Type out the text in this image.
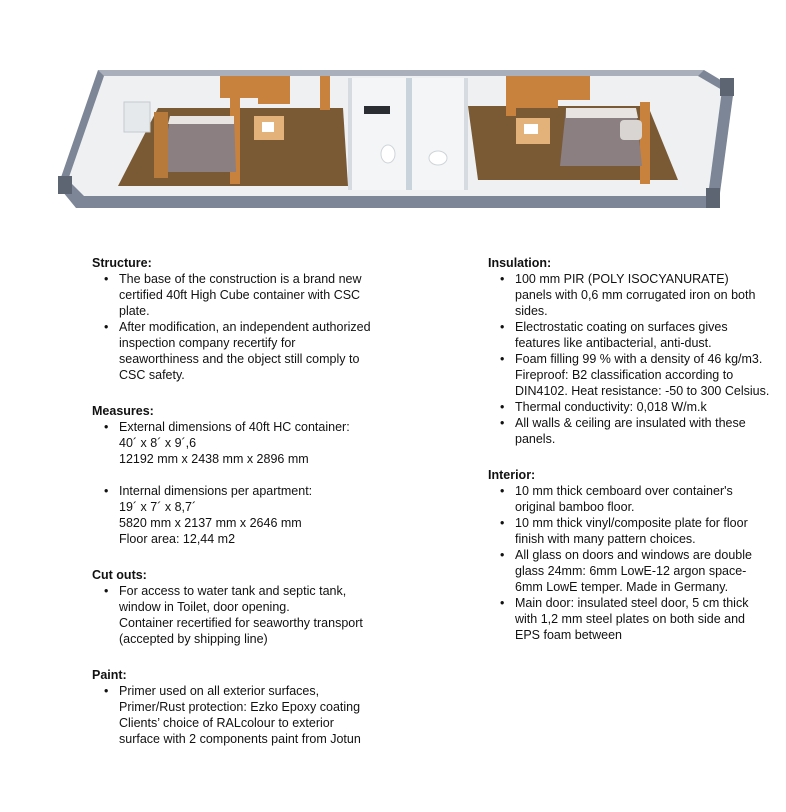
Structure:
• The base of the construction is a brand new
certified 40ft High Cube container with CSC
plate.
• After modification, an independent authorized
inspection company recertify for
seaworthiness and the object still comply to
CSC safety.
Measures:
• External dimensions of 40ft HC container:
40´ x 8´ x 9´,6
12192 mm x 2438 mm x 2896 mm
• Internal dimensions per apartment:
19´ x 7´ x 8,7´
5820 mm x 2137 mm x 2646 mm
Floor area: 12,44 m2
Cut outs:
• For access to water tank and septic tank,
window in Toilet, door opening.
Container recertified for seaworthy transport
(accepted by shipping line)
Paint:
• Primer used on all exterior surfaces,
Primer/Rust protection: Ezko Epoxy coating
Clients’ choice of RALcolour to exterior
surface with 2 components paint from Jotun
Insulation:
• 100 mm PIR (POLY ISOCYANURATE)
panels with 0,6 mm corrugated iron on both
sides.
• Electrostatic coating on surfaces gives
features like antibacterial, anti-dust.
• Foam filling 99 % with a density of 46 kg/m3.
Fireproof: B2 classification according to
DIN4102. Heat resistance: -50 to 300 Celsius.
• Thermal conductivity: 0,018 W/m.k
• All walls & ceiling are insulated with these
panels.
Interior:
• 10 mm thick cemboard over container's
original bamboo floor.
• 10 mm thick vinyl/composite plate for floor
finish with many pattern choices.
• All glass on doors and windows are double
glass 24mm: 6mm LowE-12 argon space-
6mm LowE temper. Made in Germany.
• Main door: insulated steel door, 5 cm thick
with 1,2 mm steel plates on both side and
EPS foam between
